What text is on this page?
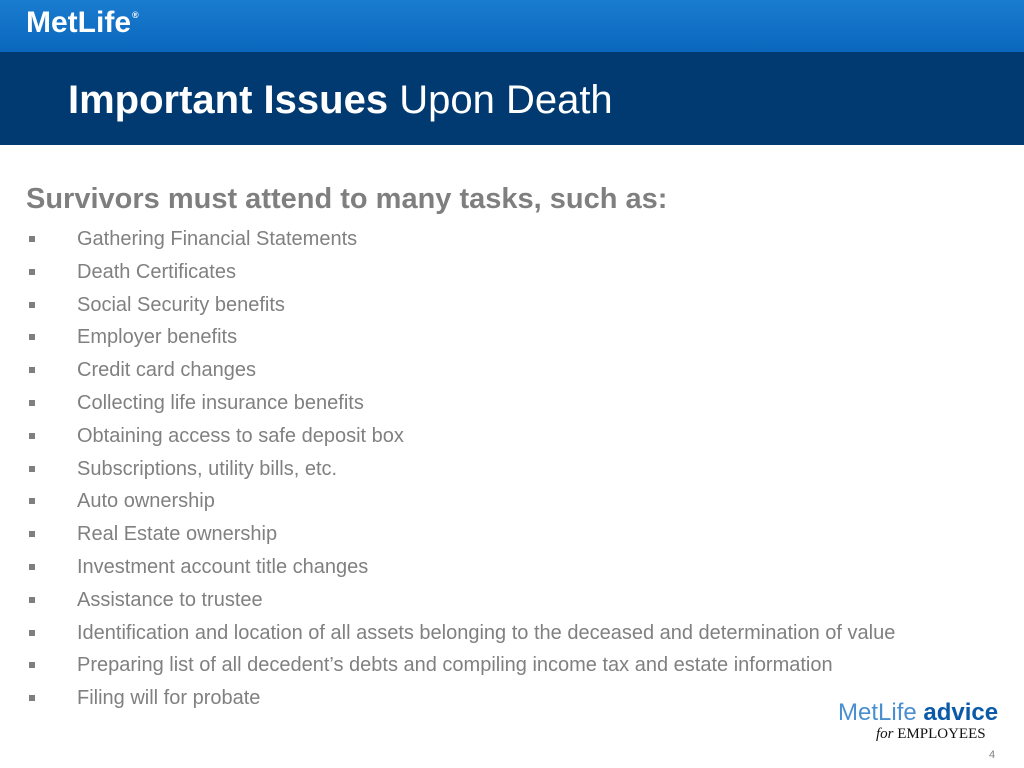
MetLife®
Important Issues Upon Death
Survivors must attend to many tasks, such as:
Gathering Financial Statements
Death Certificates
Social Security benefits
Employer benefits
Credit card changes
Collecting life insurance benefits
Obtaining access to safe deposit box
Subscriptions, utility bills, etc.
Auto ownership
Real Estate ownership
Investment account title changes
Assistance to trustee
Identification and location of all assets belonging to the deceased and determination of value
Preparing list of all decedent’s debts and compiling income tax and estate information
Filing will for probate
MetLife advice
for EMPLOYEES
4
